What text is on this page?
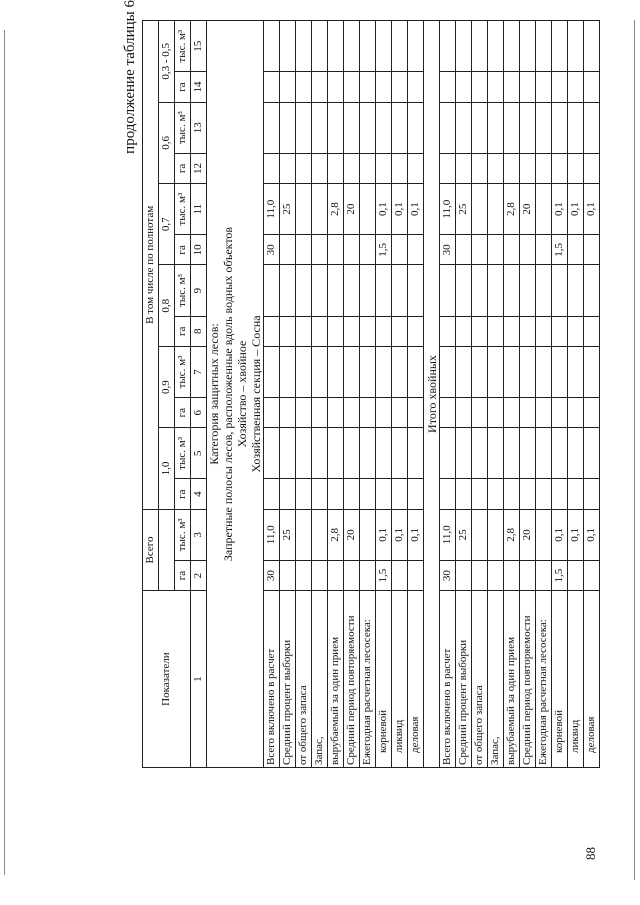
88
продолжение таблицы 6
Показатели	Всего		В том числе по полнотам											
			1,0		0,9		0,8		0,7		0,6		0,3 - 0,5	
	га	тыс. м³	га	тыс. м³	га	тыс. м³	га	тыс. м³	га	тыс. м³	га	тыс. м³	га	тыс. м³
1	2	3	4	5	6	7	8	9	10	11	12	13	14	15

Категория защитных лесов: Запретные полосы лесов, расположенные вдоль водных объектов Хозяйство – хвойное Хозяйственная секция – Сосна														

Всего включено в расчет	30	11,0							30	11,0				
Средний процент выборки		25								25				
от общего запаса														
Запас,														
вырубаемый за один прием		2,8								2,8				
Средний период повторяемости		20								20				
Ежегодная расчетная лесосека:														
корневой	1,5	0,1							1,5	0,1				
ликвид		0,1								0,1				
деловая		0,1								0,1				
Итого хвойных														
Всего включено в расчет	30	11,0							30	11,0				
Средний процент выборки		25								25				
от общего запаса														
Запас,														
вырубаемый за один прием		2,8								2,8				
Средний период повторяемости		20								20				
Ежегодная расчетная лесосека:														
корневой	1,5	0,1							1,5	0,1				
ликвид		0,1								0,1				
деловая		0,1								0,1				
